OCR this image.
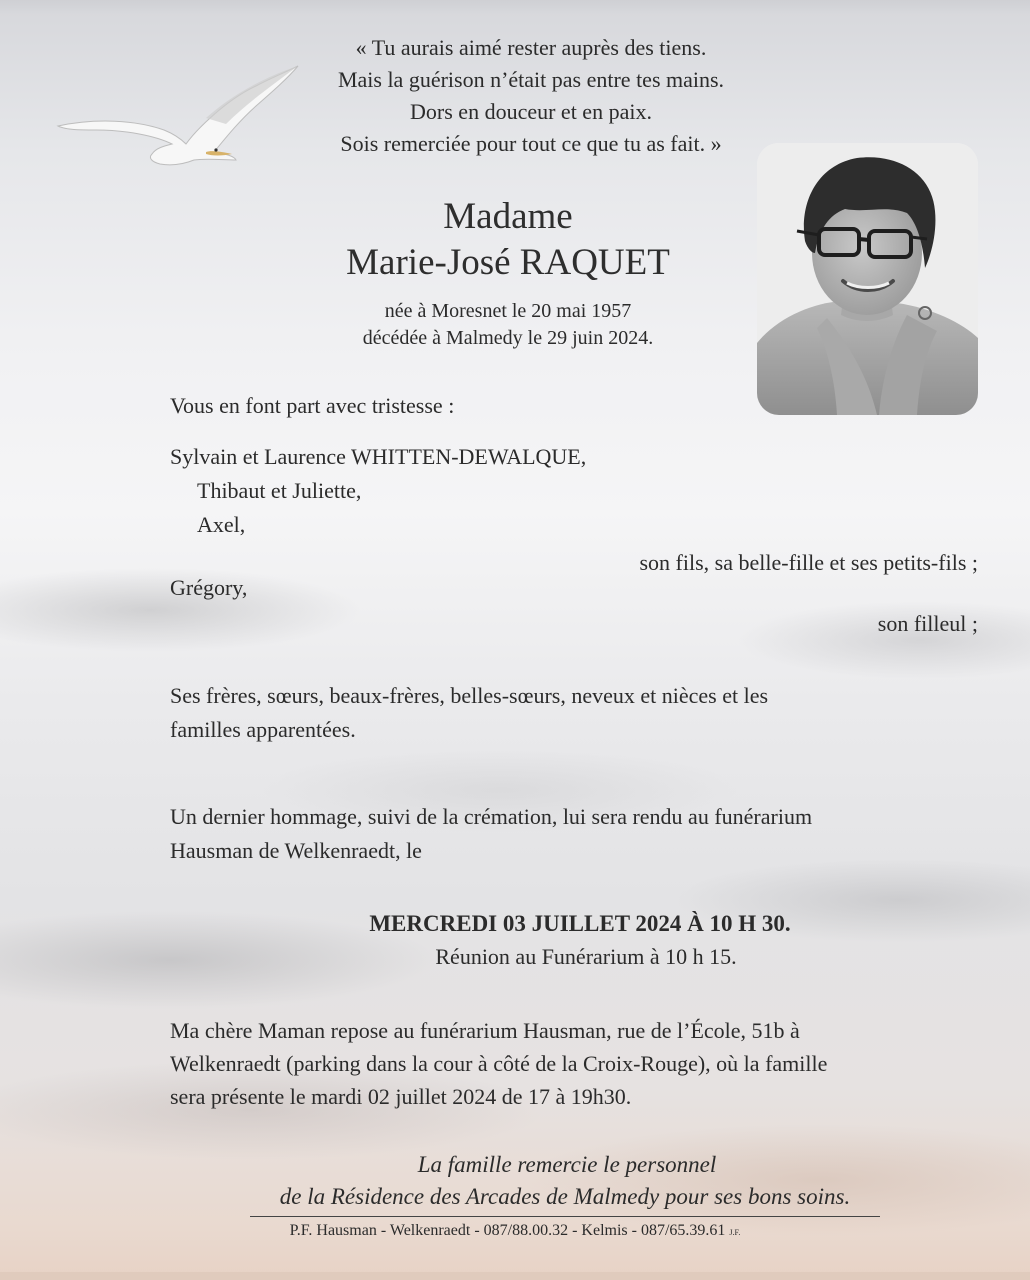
« Tu aurais aimé rester auprès des tiens.
Mais la guérison n’était pas entre tes mains.
Dors en douceur et en paix.
Sois remerciée pour tout ce que tu as fait. »
Madame
Marie-José RAQUET
née à Moresnet le 20 mai 1957
décédée à Malmedy le 29 juin 2024.
Vous en font part avec tristesse :
Sylvain et Laurence WHITTEN-DEWALQUE,
Thibaut et Juliette,
Axel,
son fils, sa belle-fille et ses petits-fils ;
Grégory,
son filleul ;
Ses frères, sœurs, beaux-frères, belles-sœurs, neveux et nièces et les
familles apparentées.
Un dernier hommage, suivi de la crémation, lui sera rendu au funérarium
Hausman de Welkenraedt, le
MERCREDI 03 JUILLET 2024 À 10 H 30.
Réunion au Funérarium à 10 h 15.
Ma chère Maman repose au funérarium Hausman, rue de l’École, 51b à
Welkenraedt (parking dans la cour à côté de la Croix-Rouge), où la famille
sera présente le mardi 02 juillet 2024 de 17 à 19h30.
La famille remercie le personnel
de la Résidence des Arcades de Malmedy pour ses bons soins.
P.F. Hausman - Welkenraedt - 087/88.00.32 - Kelmis - 087/65.39.61 J.F.
